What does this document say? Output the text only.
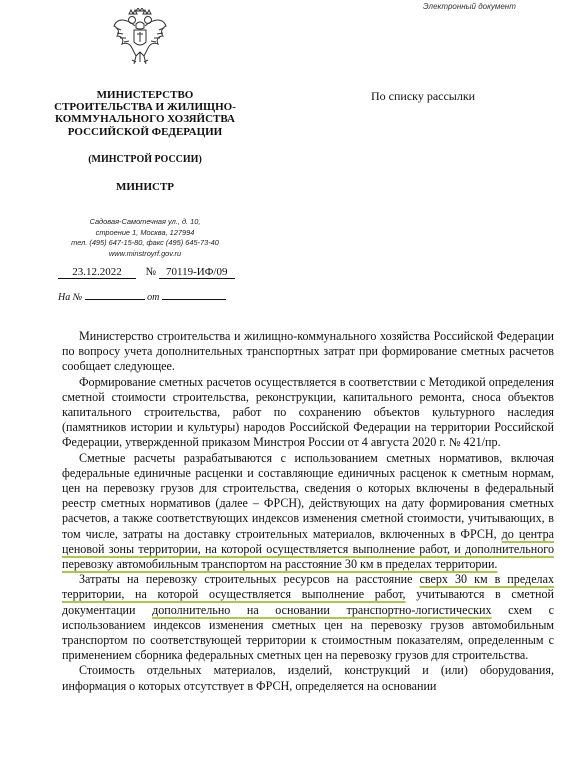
Электронный документ
МИНИСТЕРСТВО
СТРОИТЕЛЬСТВА И ЖИЛИЩНО-
КОММУНАЛЬНОГО ХОЗЯЙСТВА
РОССИЙСКОЙ ФЕДЕРАЦИИ
(МИНСТРОЙ РОССИИ)
МИНИСТР
Садовая-Самотечная ул., д. 10,
строение 1, Москва, 127994
тел. (495) 647-15-80, факс (495) 645-73-40
www.minstroyrf.gov.ru
По списку рассылки
23.12.2022 № 70119-ИФ/09
На №	от

Министерство строительства и жилищно-коммунального хозяйства Российской Федерации по вопросу учета дополнительных транспортных затрат при формирование сметных расчетов сообщает следующее.

Формирование сметных расчетов осуществляется в соответствии с Методикой определения сметной стоимости строительства, реконструкции, капитального ремонта, сноса объектов капитального строительства, работ по сохранению объектов культурного наследия (памятников истории и культуры) народов Российской Федерации на территории Российской Федерации, утвержденной приказом Минстроя России от 4 августа 2020 г. № 421/пр.

Сметные расчеты разрабатываются с использованием сметных нормативов, включая федеральные единичные расценки и составляющие единичных расценок к сметным нормам, цен на перевозку грузов для строительства, сведения о которых включены в федеральный реестр сметных нормативов (далее – ФРСН), действующих на дату формирования сметных расчетов, а также соответствующих индексов изменения сметной стоимости, учитывающих, в том числе, затраты на доставку строительных материалов, включенных в ФРСН, до центра ценовой зоны территории, на которой осуществляется выполнение работ, и дополнительного перевозку автомобильным транспортом на расстояние 30 км в пределах территории.

Затраты на перевозку строительных ресурсов на расстояние сверх 30 км в пределах территории, на которой осуществляется выполнение работ, учитываются в сметной документации дополнительно на основании транспортно-логистических схем с использованием индексов изменения сметных цен на перевозку грузов автомобильным транспортом по соответствующей территории к стоимостным показателям, определенным с применением сборника федеральных сметных цен на перевозку грузов для строительства.

Стоимость отдельных материалов, изделий, конструкций и (или) оборудования, информация о которых отсутствует в ФРСН, определяется на основании
